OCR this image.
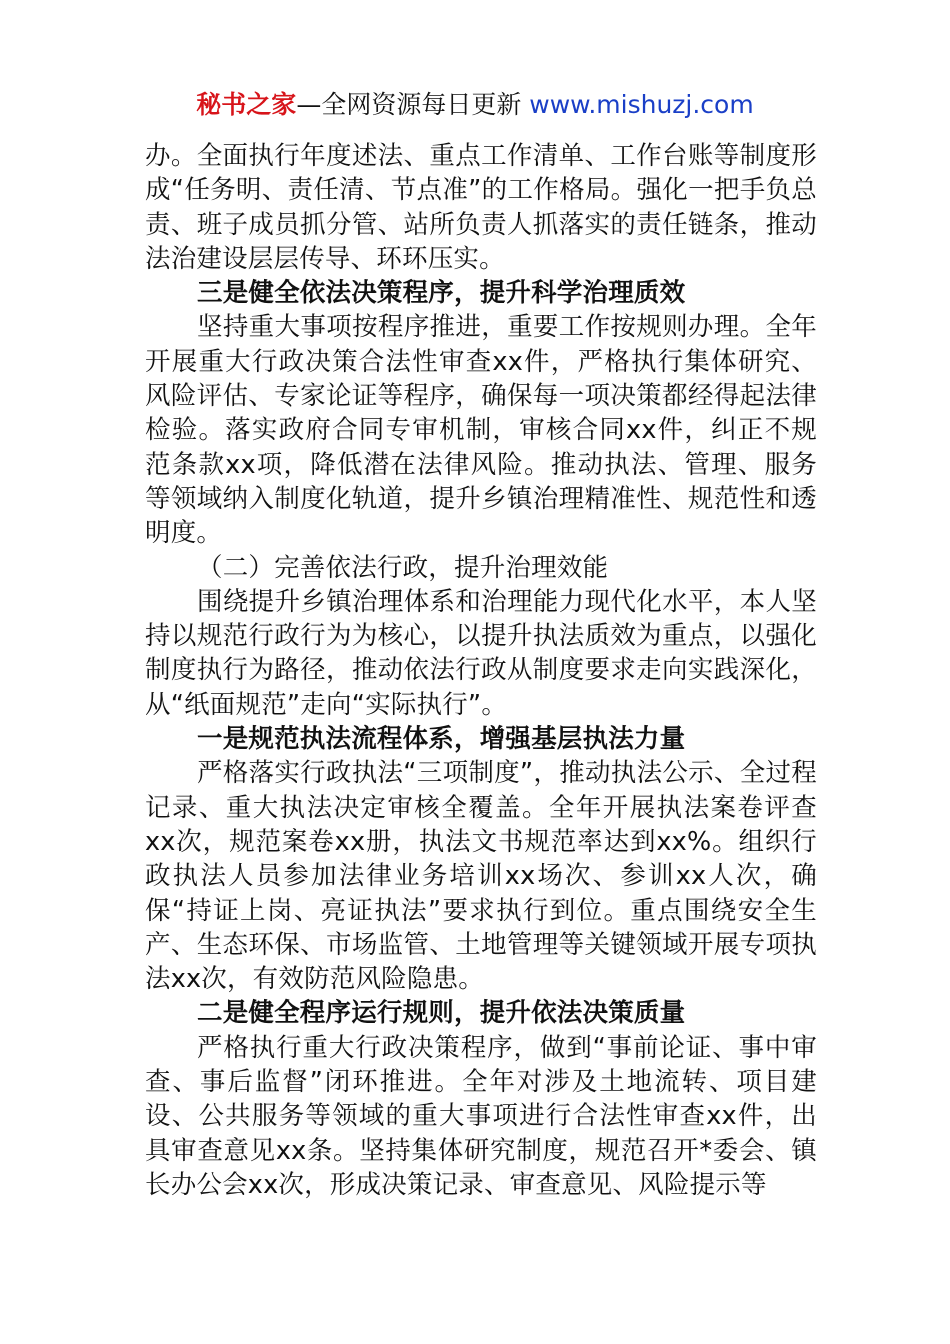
秘书之家—全网资源每日更新 www.mishuzj.com

办。全面执行年度述法、重点工作清单、工作台账等制度形成“任务明、责任清、节点准”的工作格局。强化一把手负总责、班子成员抓分管、站所负责人抓落实的责任链条，推动法治建设层层传导、环环压实。

三是健全依法决策程序，提升科学治理质效

坚持重大事项按程序推进，重要工作按规则办理。全年开展重大行政决策合法性审查xx件，严格执行集体研究、风险评估、专家论证等程序，确保每一项决策都经得起法律检验。落实政府合同专审机制，审核合同xx件，纠正不规范条款xx项，降低潜在法律风险。推动执法、管理、服务等领域纳入制度化轨道，提升乡镇治理精准性、规范性和透明度。

（二）完善依法行政，提升治理效能

围绕提升乡镇治理体系和治理能力现代化水平，本人坚持以规范行政行为为核心，以提升执法质效为重点，以强化制度执行为路径，推动依法行政从制度要求走向实践深化，从“纸面规范”走向“实际执行”。

一是规范执法流程体系，增强基层执法力量

严格落实行政执法“三项制度”，推动执法公示、全过程记录、重大执法决定审核全覆盖。全年开展执法案卷评查xx次，规范案卷xx册，执法文书规范率达到xx%。组织行政执法人员参加法律业务培训xx场次、参训xx人次，确保“持证上岗、亮证执法”要求执行到位。重点围绕安全生产、生态环保、市场监管、土地管理等关键领域开展专项执法xx次，有效防范风险隐患。

二是健全程序运行规则，提升依法决策质量

严格执行重大行政决策程序，做到“事前论证、事中审查、事后监督”闭环推进。全年对涉及土地流转、项目建设、公共服务等领域的重大事项进行合法性审查xx件，出具审查意见xx条。坚持集体研究制度，规范召开*委会、镇长办公会xx次，形成决策记录、审查意见、风险提示等
